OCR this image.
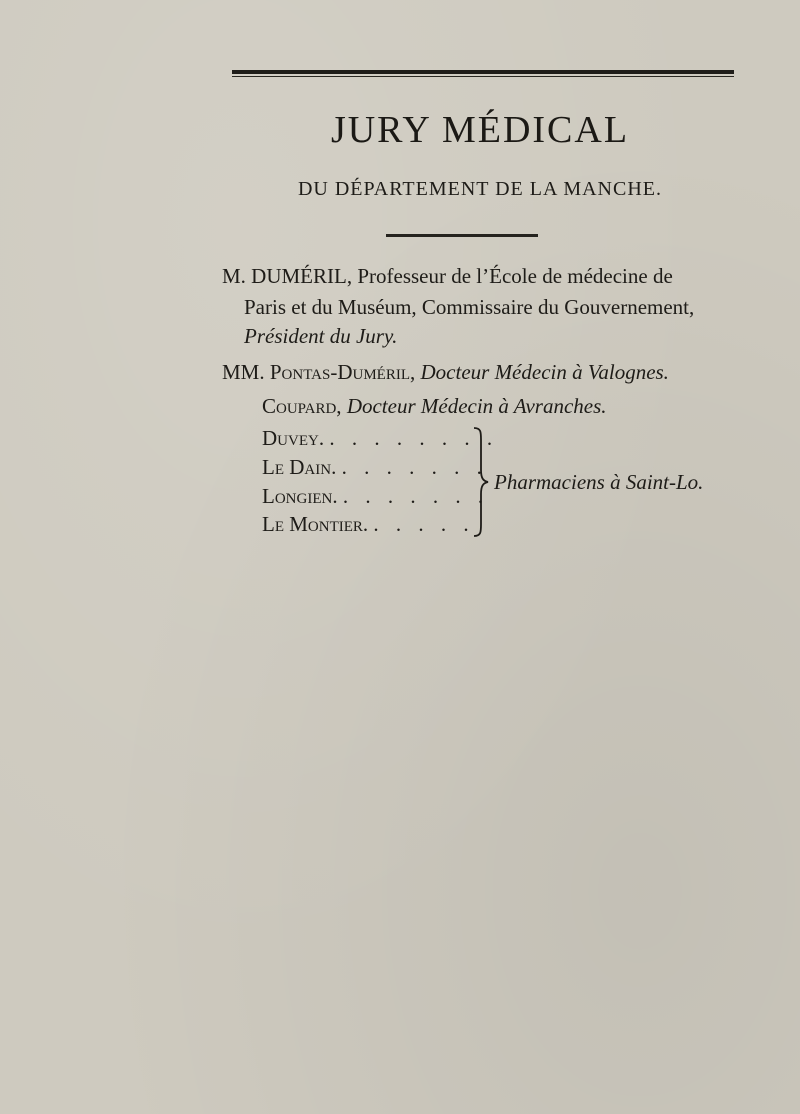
JURY MÉDICAL
DU DÉPARTEMENT DE LA MANCHE.
M. DUMÉRIL, Professeur de l’École de médecine de
Paris et du Muséum, Commissaire du Gouvernement,
Président du Jury.
MM. Pontas-Duméril, Docteur Médecin à Valognes.
Coupard, Docteur Médecin à Avranches.
Duvey. . . . . . . . .
Le Dain. . . . . . . .
Longien. . . . . . . .
Le Montier. . . . . .
Pharmaciens à Saint-Lo.
